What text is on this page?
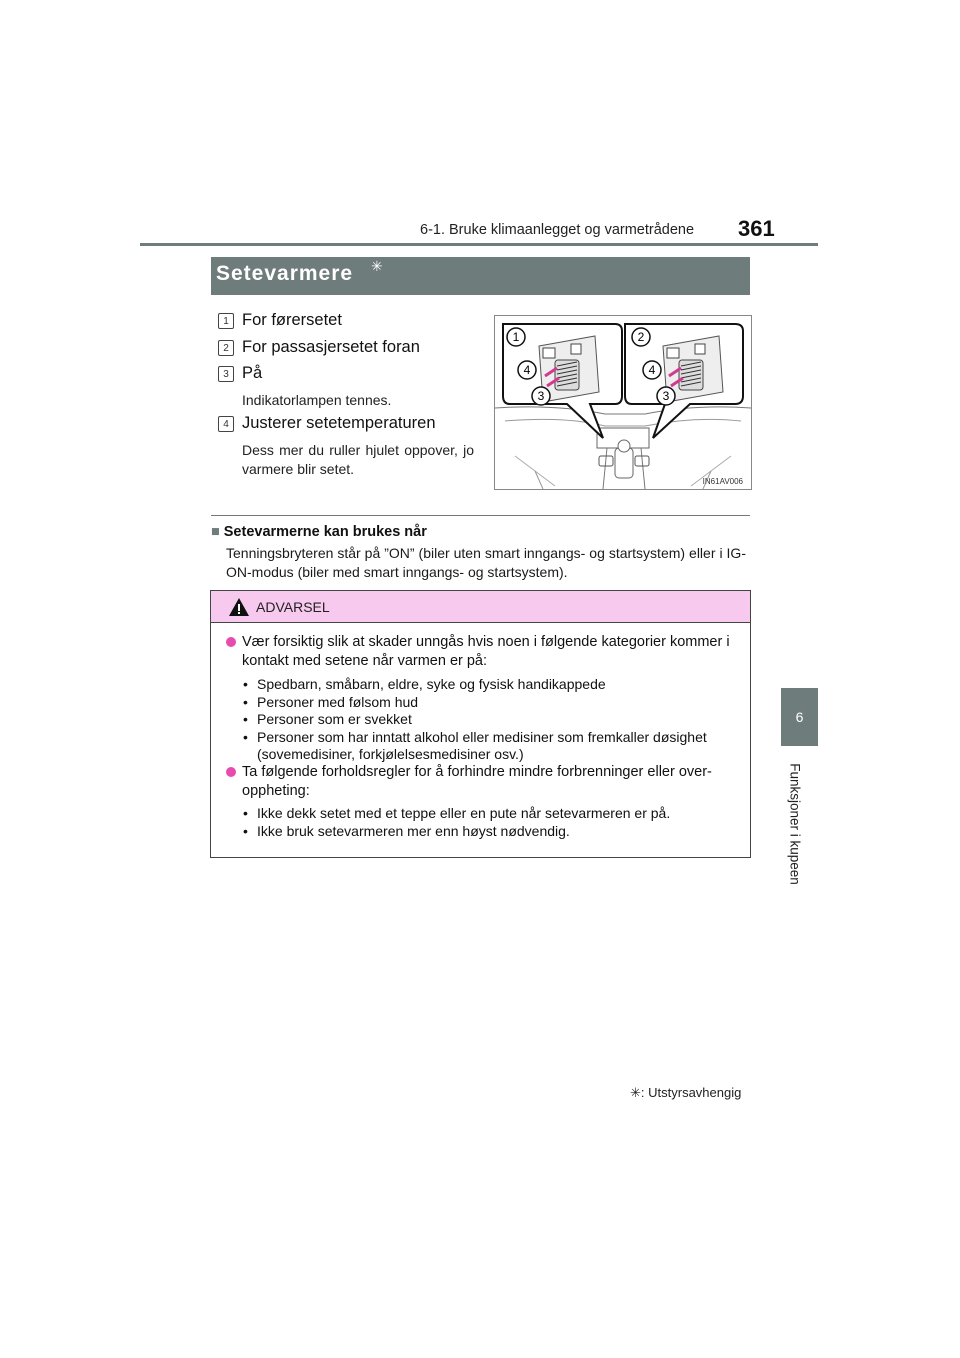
6-1. Bruke klimaanlegget og varmetrådene 361
6
Funksjoner i kupeen
Setevarmere ✳
1 For førersetet
2 For passasjersetet foran
3 På
Indikatorlampen tennes.
4 Justerer setetemperaturen
Dess mer du ruller hjulet oppover, jo varmere blir setet.
1	2
3	3
4	4
IN61AV006
■ Setevarmerne kan brukes når
Tenningsbryteren står på ”ON” (biler uten smart inngangs- og startsystem) eller i IG-ON-modus (biler med smart inngangs- og startsystem).
ADVARSEL
Vær forsiktig slik at skader unngås hvis noen i følgende kategorier kommer i kontakt med setene når varmen er på:
• Spedbarn, småbarn, eldre, syke og fysisk handikappede
• Personer med følsom hud
• Personer som er svekket
• Personer som har inntatt alkohol eller medisiner som fremkaller døsighet (sovemedisiner, forkjølelsesmedisiner osv.)
Ta følgende forholdsregler for å forhindre mindre forbrenninger eller over-oppheting:
• Ikke dekk setet med et teppe eller en pute når setevarmeren er på.
• Ikke bruk setevarmeren mer enn høyst nødvendig.
✳: Utstyrsavhengig
